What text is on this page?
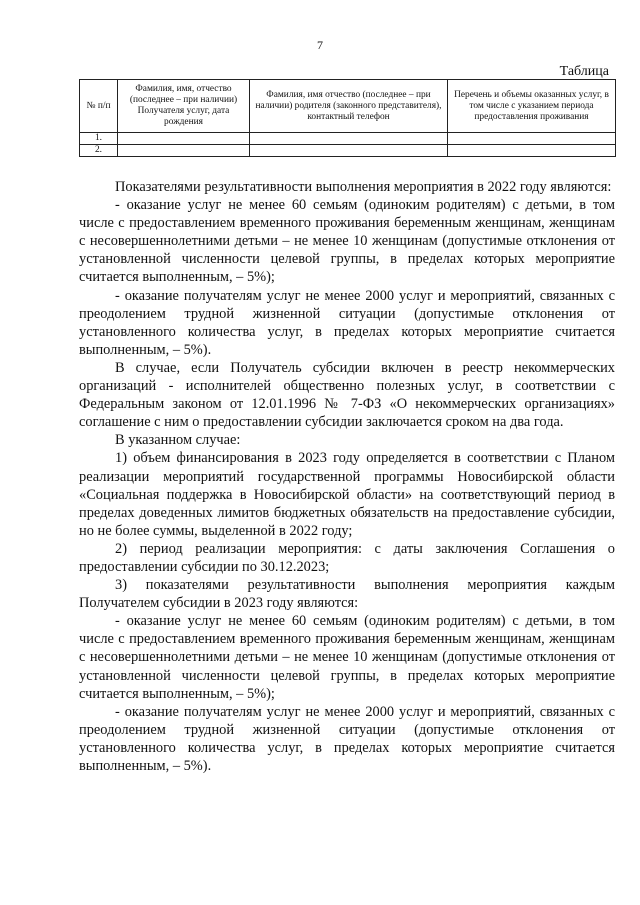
7
Таблица
№ п/п	Фамилия, имя, отчество (последнее – при наличии) Получателя услуг, дата рождения	Фамилия, имя отчество (последнее – при наличии) родителя (законного представителя), контактный телефон	Перечень и объемы оказанных услуг, в том числе с указанием периода предоставления проживания
1.			
2.			

Показателями результативности выполнения мероприятия в 2022 году являются:

- оказание услуг не менее 60 семьям (одиноким родителям) с детьми, в том числе с предоставлением временного проживания беременным женщинам, женщинам с несовершеннолетними детьми – не менее 10 женщинам (допустимые отклонения от установленной численности целевой группы, в пределах которых мероприятие считается выполненным, – 5%);

- оказание получателям услуг не менее 2000 услуг и мероприятий, связанных с преодолением трудной жизненной ситуации (допустимые отклонения от установленного количества услуг, в пределах которых мероприятие считается выполненным, – 5%).

В случае, если Получатель субсидии включен в реестр некоммерческих организаций - исполнителей общественно полезных услуг, в соответствии с Федеральным законом от 12.01.1996 № 7-ФЗ «О некоммерческих организациях» соглашение с ним о предоставлении субсидии заключается сроком на два года.

В указанном случае:

1) объем финансирования в 2023 году определяется в соответствии с Планом реализации мероприятий государственной программы Новосибирской области «Социальная поддержка в Новосибирской области» на соответствующий период в пределах доведенных лимитов бюджетных обязательств на предоставление субсидии, но не более суммы, выделенной в 2022 году;

2) период реализации мероприятия: с даты заключения Соглашения о предоставлении субсидии по 30.12.2023;

3) показателями результативности выполнения мероприятия каждым Получателем субсидии в 2023 году являются:

- оказание услуг не менее 60 семьям (одиноким родителям) с детьми, в том числе с предоставлением временного проживания беременным женщинам, женщинам с несовершеннолетними детьми – не менее 10 женщинам (допустимые отклонения от установленной численности целевой группы, в пределах которых мероприятие считается выполненным, – 5%);

- оказание получателям услуг не менее 2000 услуг и мероприятий, связанных с преодолением трудной жизненной ситуации (допустимые отклонения от установленного количества услуг, в пределах которых мероприятие считается выполненным, – 5%).
